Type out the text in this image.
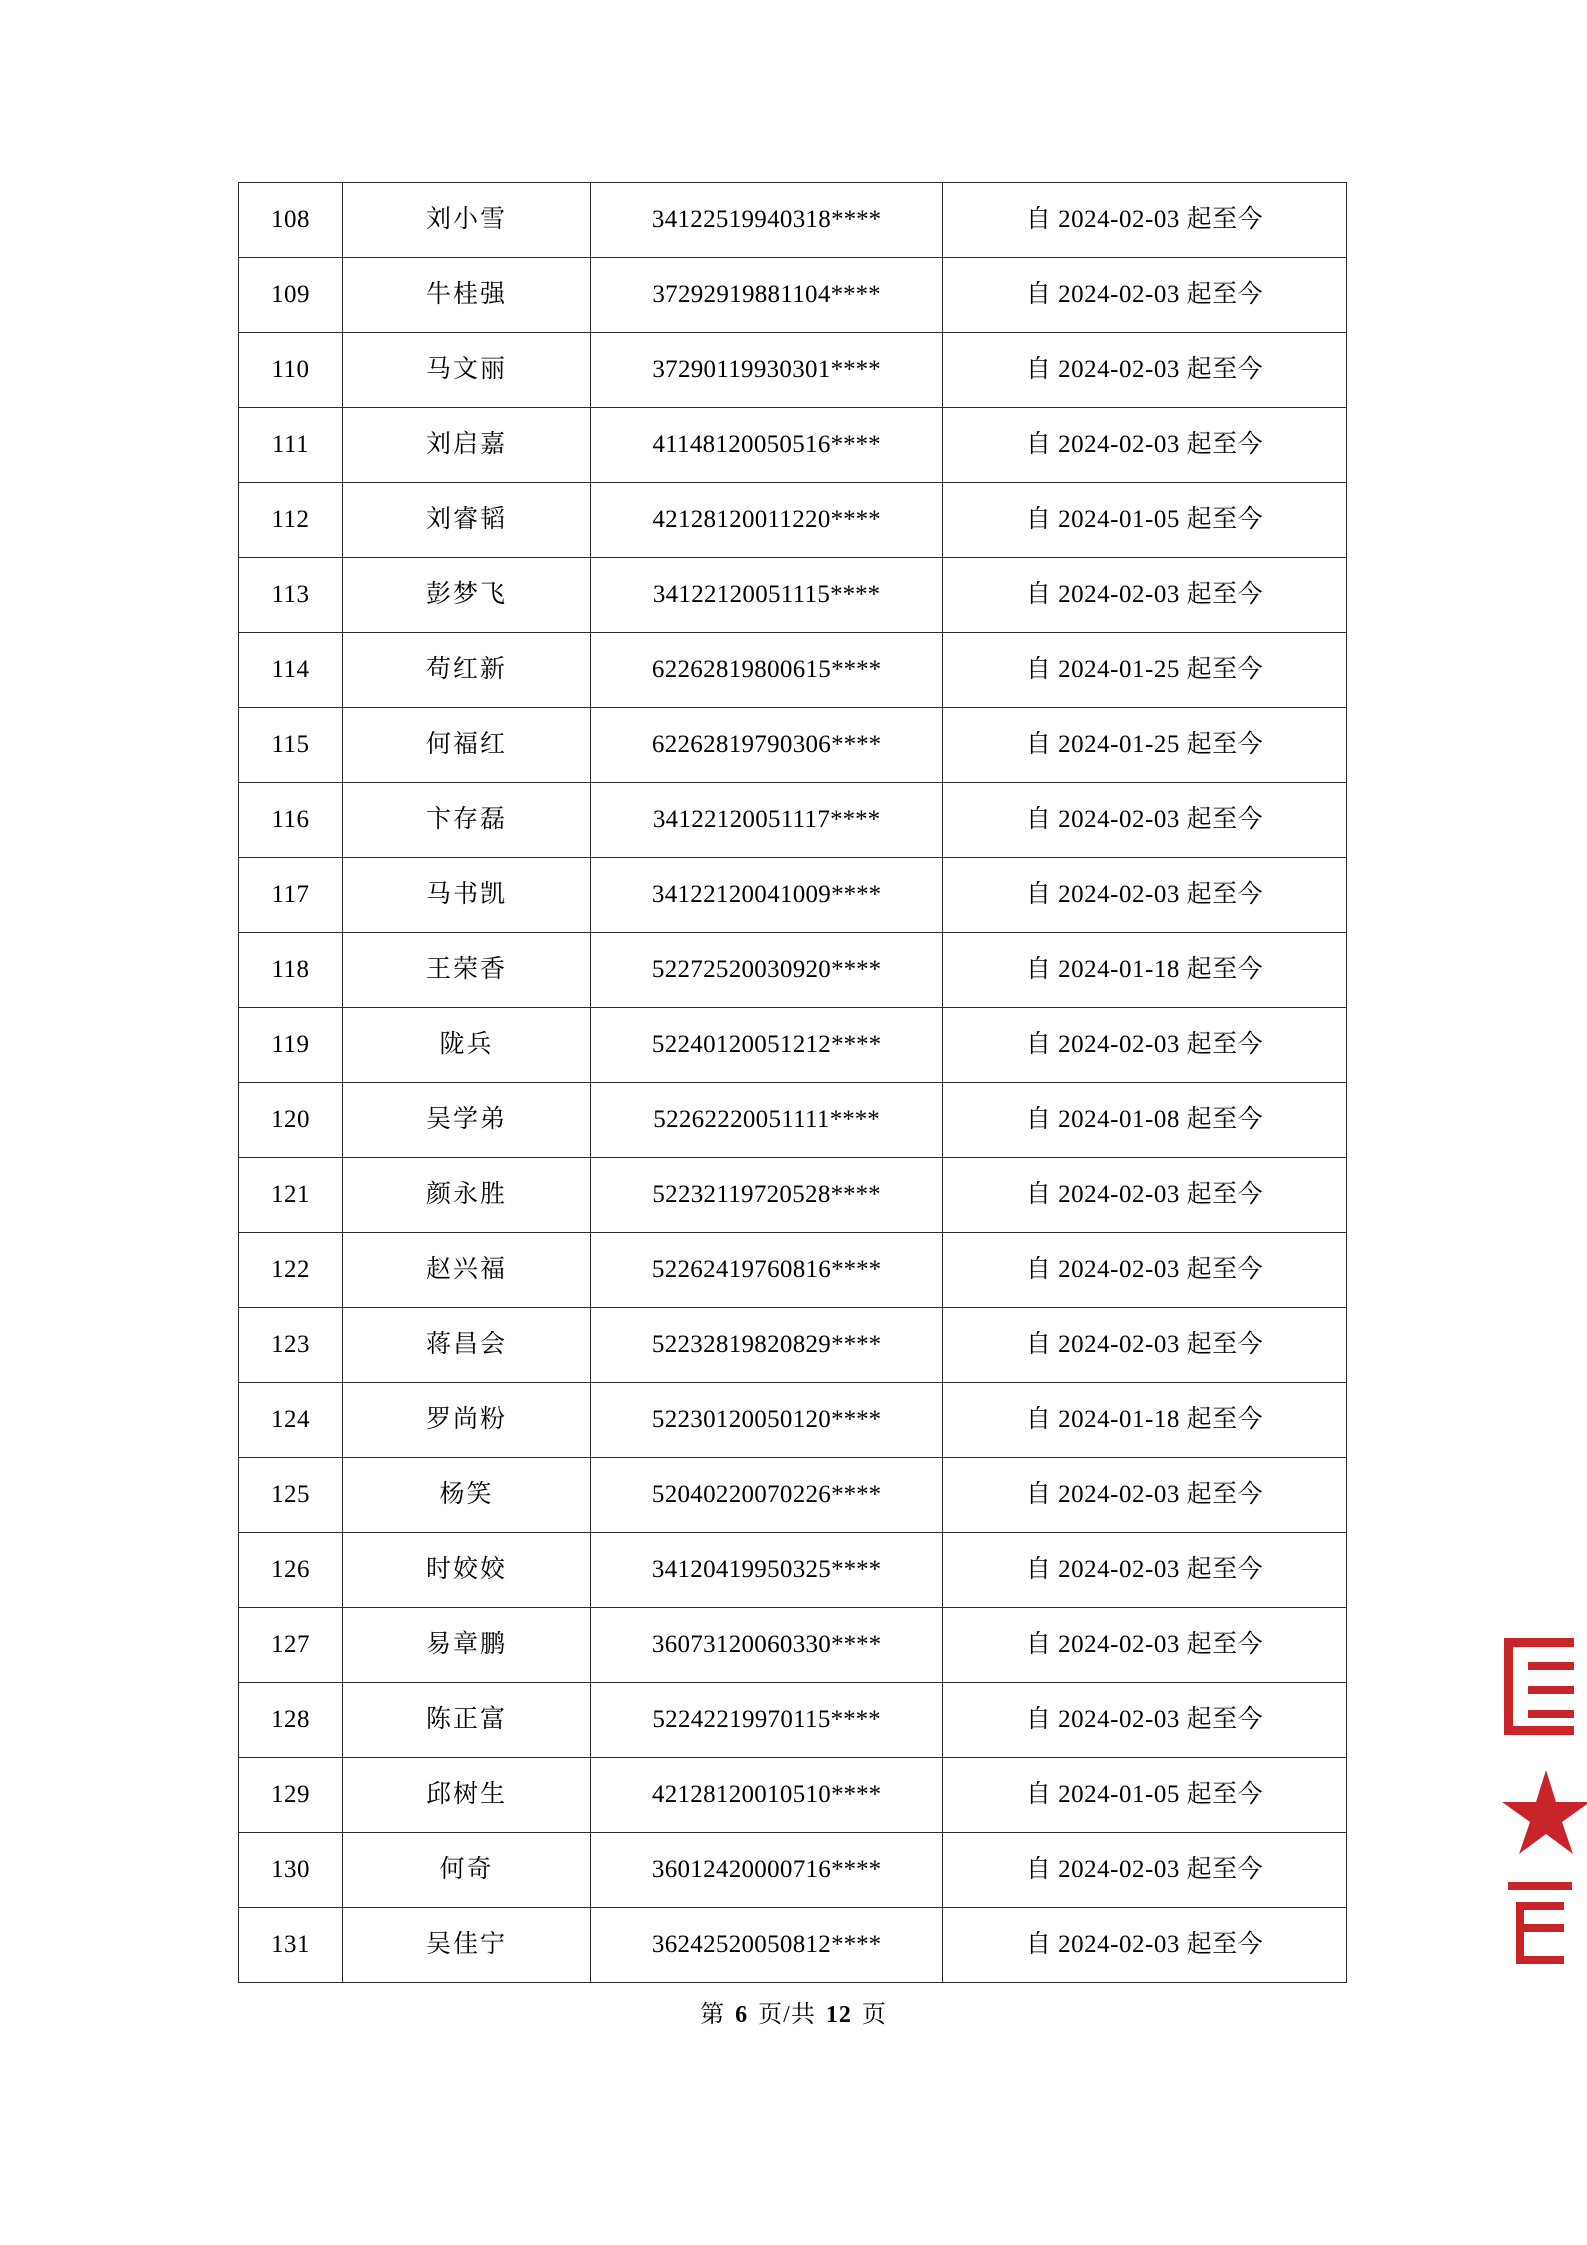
108	刘小雪	34122519940318****	自 2024-02-03 起至今
109	牛桂强	37292919881104****	自 2024-02-03 起至今
110	马文丽	37290119930301****	自 2024-02-03 起至今
111	刘启嘉	41148120050516****	自 2024-02-03 起至今
112	刘睿韬	42128120011220****	自 2024-01-05 起至今
113	彭梦飞	34122120051115****	自 2024-02-03 起至今
114	苟红新	62262819800615****	自 2024-01-25 起至今
115	何福红	62262819790306****	自 2024-01-25 起至今
116	卞存磊	34122120051117****	自 2024-02-03 起至今
117	马书凯	34122120041009****	自 2024-02-03 起至今
118	王荣香	52272520030920****	自 2024-01-18 起至今
119	陇兵	52240120051212****	自 2024-02-03 起至今
120	吴学弟	52262220051111****	自 2024-01-08 起至今
121	颜永胜	52232119720528****	自 2024-02-03 起至今
122	赵兴福	52262419760816****	自 2024-02-03 起至今
123	蒋昌会	52232819820829****	自 2024-02-03 起至今
124	罗尚粉	52230120050120****	自 2024-01-18 起至今
125	杨笑	52040220070226****	自 2024-02-03 起至今
126	时姣姣	34120419950325****	自 2024-02-03 起至今
127	易章鹏	36073120060330****	自 2024-02-03 起至今
128	陈正富	52242219970115****	自 2024-02-03 起至今
129	邱树生	42128120010510****	自 2024-01-05 起至今
130	何奇	36012420000716****	自 2024-02-03 起至今
131	吴佳宁	36242520050812****	自 2024-02-03 起至今
第 6 页/共 12 页
